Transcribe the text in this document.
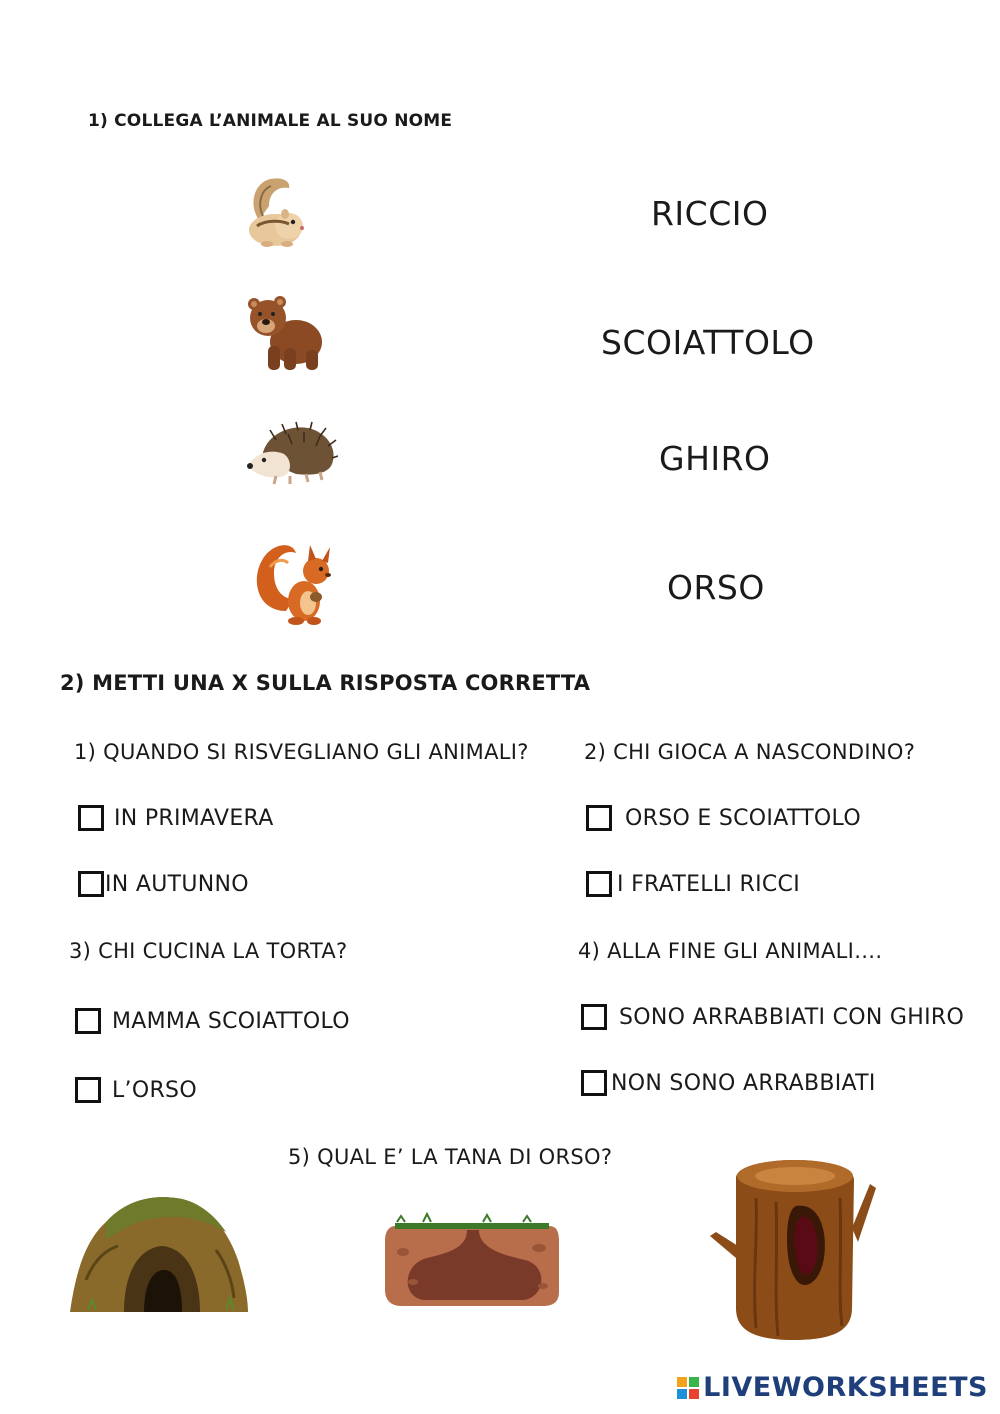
1) COLLEGA L’ANIMALE AL SUO NOME
RICCIO
SCOIATTOLO
GHIRO
ORSO
2) METTI UNA X SULLA RISPOSTA CORRETTA
1) QUANDO SI RISVEGLIANO GLI ANIMALI?
IN PRIMAVERA
IN AUTUNNO
2) CHI GIOCA A NASCONDINO?
ORSO E SCOIATTOLO
I FRATELLI RICCI
3) CHI CUCINA LA TORTA?
MAMMA SCOIATTOLO
L’ORSO
4) ALLA FINE GLI ANIMALI….
SONO ARRABBIATI CON GHIRO
NON SONO ARRABBIATI
5) QUAL E’ LA TANA DI ORSO?
LIVEWORKSHEETS
